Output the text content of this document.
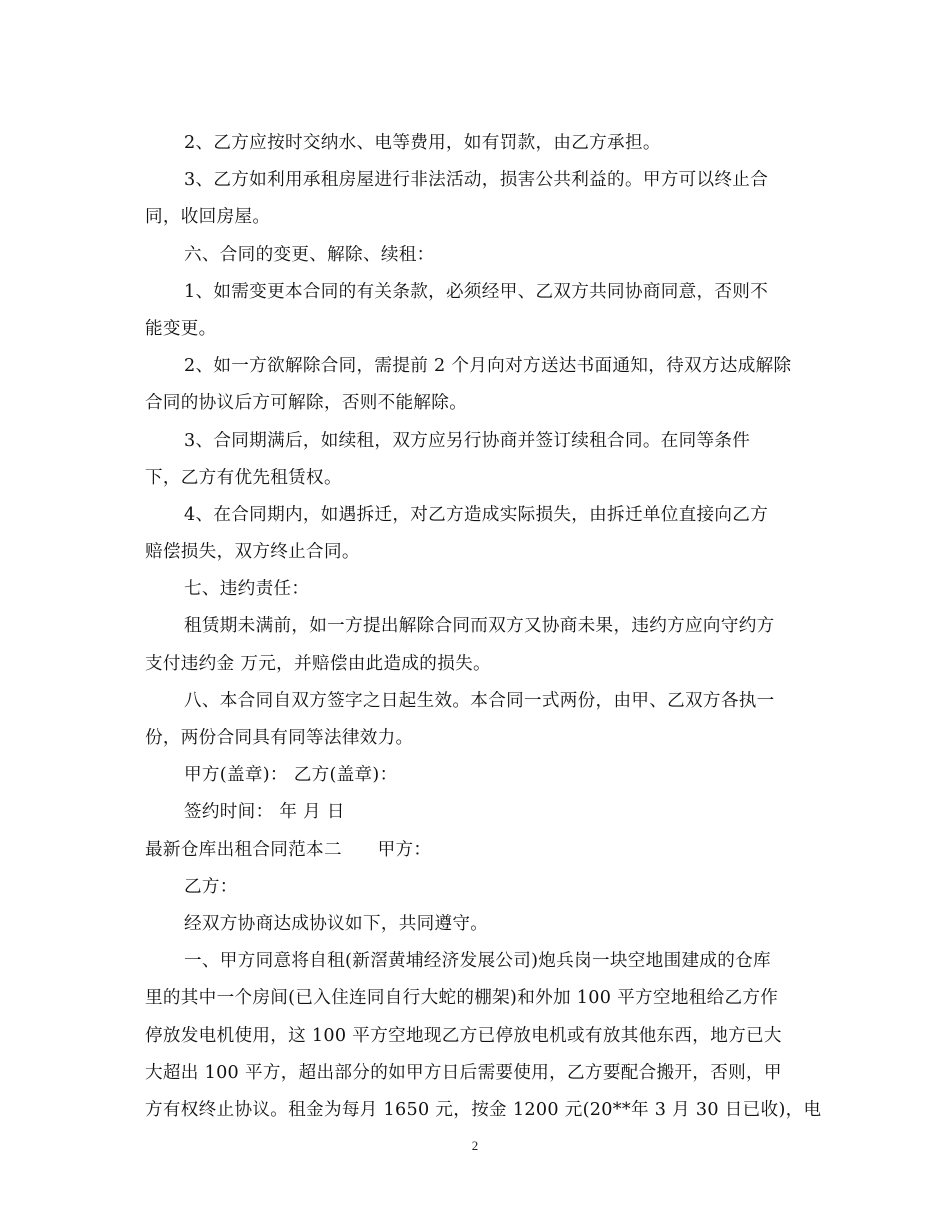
2、乙方应按时交纳水、电等费用，如有罚款，由乙方承担。
3、乙方如利用承租房屋进行非法活动，损害公共利益的。甲方可以终止合
同，收回房屋。
六、合同的变更、解除、续租：
1、如需变更本合同的有关条款，必须经甲、乙双方共同协商同意，否则不
能变更。
2、如一方欲解除合同，需提前 2 个月向对方送达书面通知，待双方达成解除
合同的协议后方可解除，否则不能解除。
3、合同期满后，如续租，双方应另行协商并签订续租合同。在同等条件
下，乙方有优先租赁权。
4、在合同期内，如遇拆迁，对乙方造成实际损失，由拆迁单位直接向乙方
赔偿损失，双方终止合同。
七、违约责任：
租赁期未满前，如一方提出解除合同而双方又协商未果，违约方应向守约方
支付违约金 万元，并赔偿由此造成的损失。
八、本合同自双方签字之日起生效。本合同一式两份，由甲、乙双方各执一
份，两份合同具有同等法律效力。
甲方(盖章)： 乙方(盖章)：
签约时间： 年 月 日
最新仓库出租合同范本二　　甲方：
乙方：
经双方协商达成协议如下，共同遵守。
一、甲方同意将自租(新滘黄埔经济发展公司)炮兵岗一块空地围建成的仓库
里的其中一个房间(已入住连同自行大蛇的棚架)和外加 100 平方空地租给乙方作
停放发电机使用，这 100 平方空地现乙方已停放电机或有放其他东西，地方已大
大超出 100 平方，超出部分的如甲方日后需要使用，乙方要配合搬开，否则，甲
方有权终止协议。租金为每月 1650 元，按金 1200 元(20**年 3 月 30 日已收)，电
2
